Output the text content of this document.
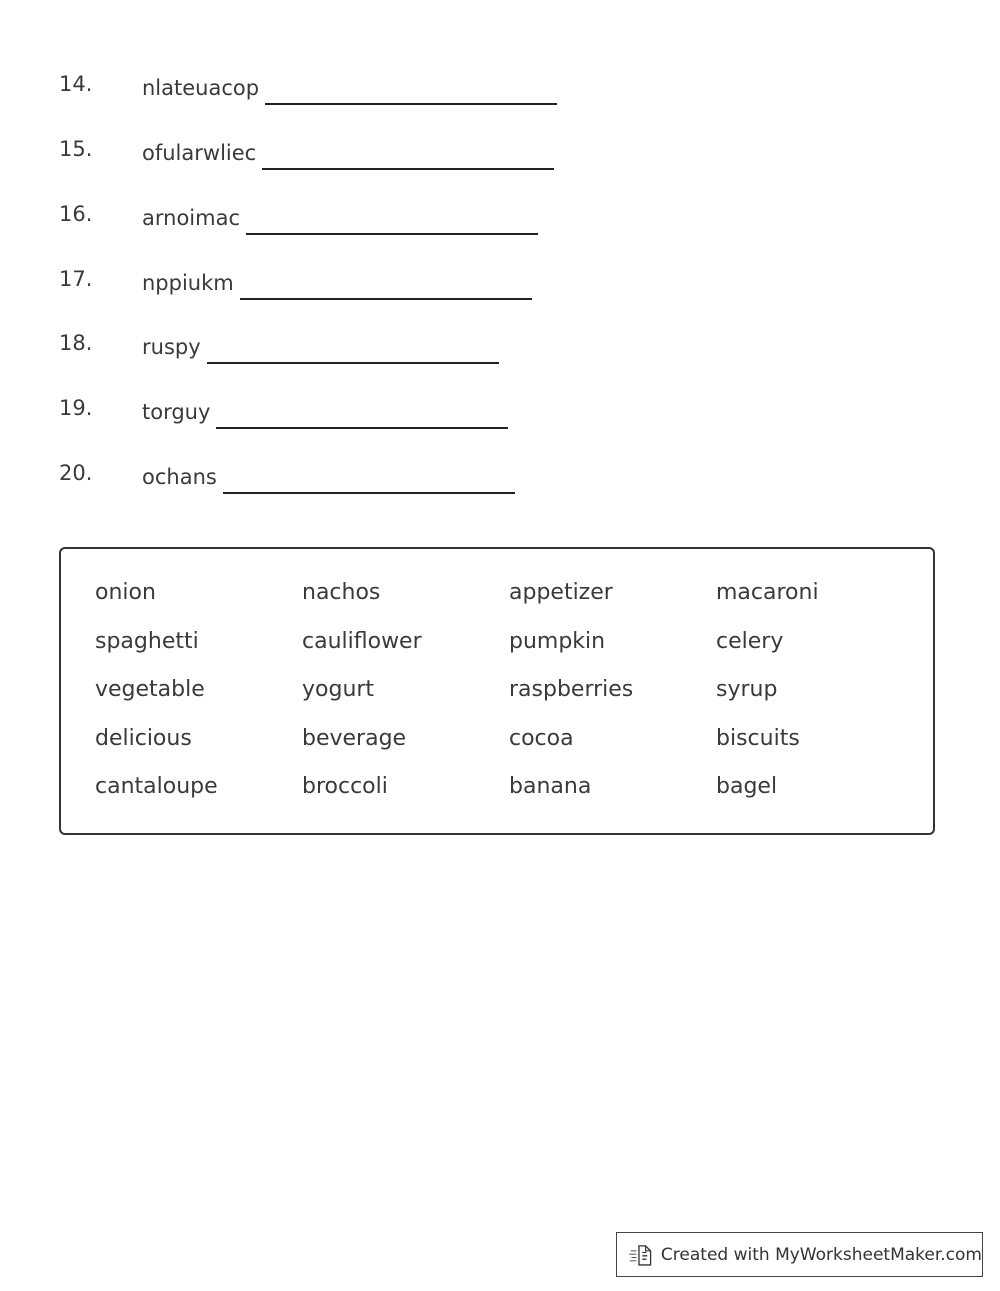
14. nlateuacop
15. ofularwliec
16. arnoimac
17. nppiukm
18. ruspy
19. torguy
20. ochans
onion	nachos	appetizer	macaroni
spaghetti	cauliflower	pumpkin	celery
vegetable	yogurt	raspberries	syrup
delicious	beverage	cocoa	biscuits
cantaloupe	broccoli	banana	bagel
Created with MyWorksheetMaker.com
